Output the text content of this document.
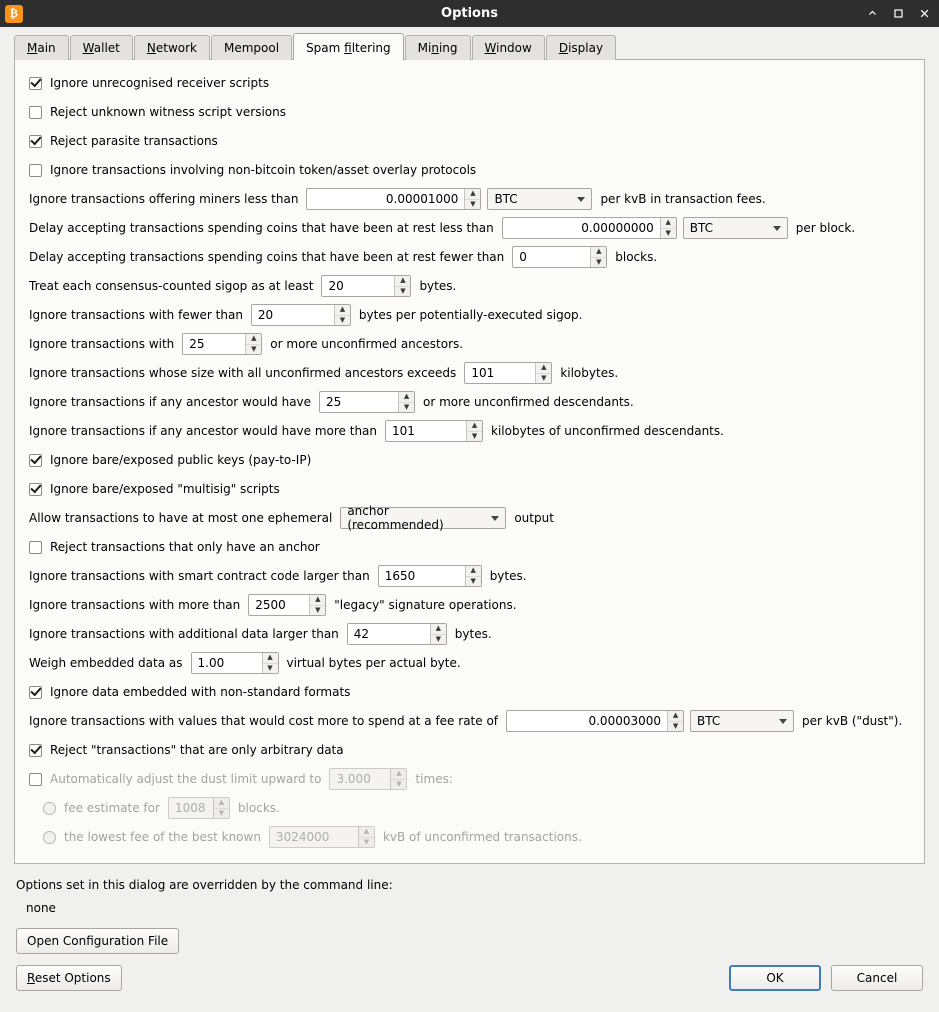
₿	Options
Main	Wallet	Network	Mempool	Spam filtering	Mining	Window	Display
Ignore unrecognised receiver scripts
Reject unknown witness script versions
Reject parasite transactions
Ignore transactions involving non-bitcoin token/asset overlay protocols
Ignore transactions offering miners less than	0.00001000	▲
▼	BTC	per kvB in transaction fees.
Delay accepting transactions spending coins that have been at rest less than	0.00000000	▲
▼	BTC	per block.
Delay accepting transactions spending coins that have been at rest fewer than	0	▲
▼	blocks.
Treat each consensus-counted sigop as at least	20	▲
▼	bytes.
Ignore transactions with fewer than	20	▲
▼	bytes per potentially-executed sigop.
Ignore transactions with	25	▲
▼	or more unconfirmed ancestors.
Ignore transactions whose size with all unconfirmed ancestors exceeds	101	▲
▼	kilobytes.
Ignore transactions if any ancestor would have	25	▲
▼	or more unconfirmed descendants.
Ignore transactions if any ancestor would have more than	101	▲
▼	kilobytes of unconfirmed descendants.
Ignore bare/exposed public keys (pay-to-IP)
Ignore bare/exposed "multisig" scripts
Allow transactions to have at most one ephemeral anchor (recommended)	output
Reject transactions that only have an anchor
Ignore transactions with smart contract code larger than	1650	▲
▼	bytes.
Ignore transactions with more than	2500	▲
▼	"legacy" signature operations.
Ignore transactions with additional data larger than	42	▲
▼	bytes.
Weigh embedded data as	1.00	▲
▼	virtual bytes per actual byte.
Ignore data embedded with non-standard formats
Ignore transactions with values that would cost more to spend at a fee rate of	0.00003000	▲
▼	BTC	per kvB ("dust").
Reject "transactions" that are only arbitrary data
Automatically adjust the dust limit upward to	3.000	▲
▼	times:
fee estimate for	1008	▲
▼	blocks.
the lowest fee of the best known	3024000	▲
▼	kvB of unconfirmed transactions.

Options set in this dialog are overridden by the command line:

none

Open Configuration File
Reset Options	OK	Cancel
